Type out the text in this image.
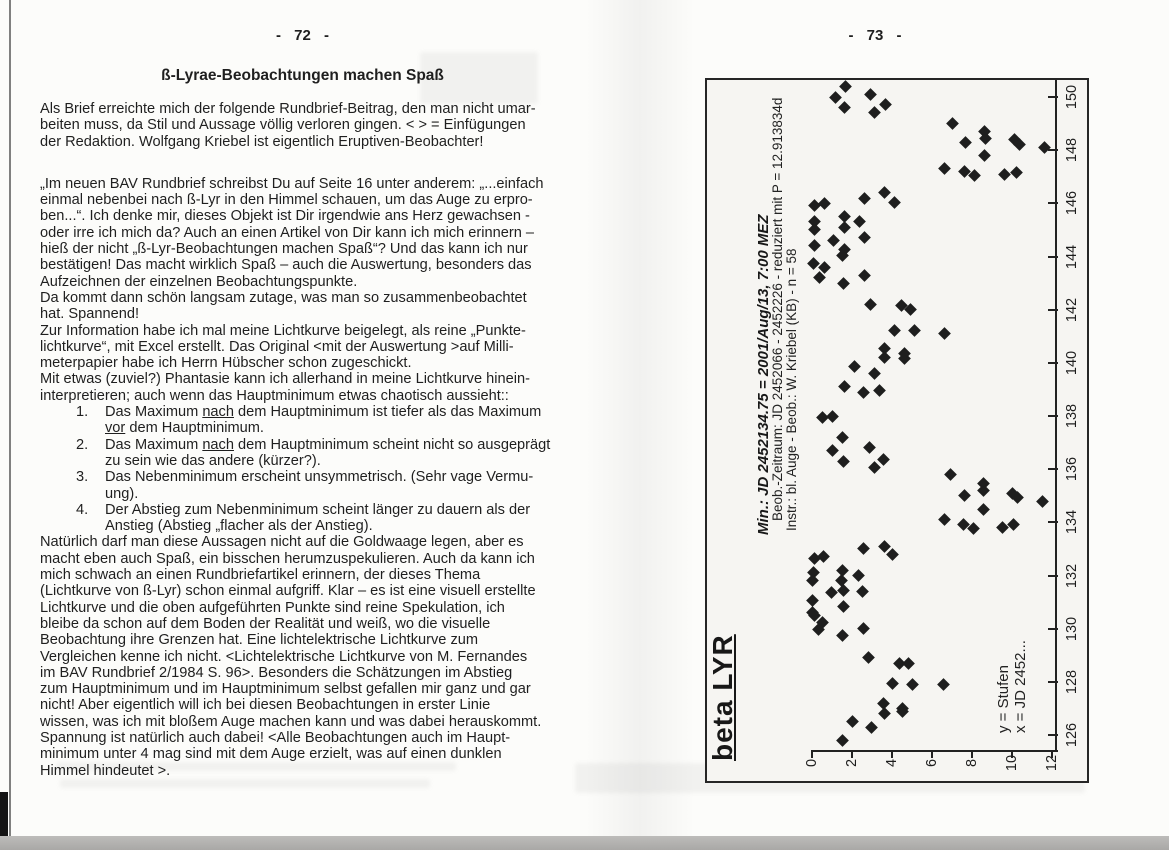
- 72 -
ß-Lyrae-Beobachtungen machen Spaß
Als Brief erreichte mich der folgende Rundbrief-Beitrag, den man nicht umar-
beiten muss, da Stil und Aussage völlig verloren gingen. < > = Einfügungen
der Redaktion. Wolfgang Kriebel ist eigentlich Eruptiven-Beobachter!
„Im neuen BAV Rundbrief schreibst Du auf Seite 16 unter anderem: „...einfach
einmal nebenbei nach ß-Lyr in den Himmel schauen, um das Auge zu erpro-
ben...“. Ich denke mir, dieses Objekt ist Dir irgendwie ans Herz gewachsen -
oder irre ich mich da? Auch an einen Artikel von Dir kann ich mich erinnern –
hieß der nicht „ß-Lyr-Beobachtungen machen Spaß“? Und das kann ich nur
bestätigen! Das macht wirklich Spaß – auch die Auswertung, besonders das
Aufzeichnen der einzelnen Beobachtungspunkte.
Da kommt dann schön langsam zutage, was man so zusammenbeobachtet
hat. Spannend!
Zur Information habe ich mal meine Lichtkurve beigelegt, als reine „Punkte-
lichtkurve“, mit Excel erstellt. Das Original <mit der Auswertung >auf Milli-
meterpapier habe ich Herrn Hübscher schon zugeschickt.
Mit etwas (zuviel?) Phantasie kann ich allerhand in meine Lichtkurve hinein-
interpretieren; auch wenn das Hauptminimum etwas chaotisch aussieht::
1. Das Maximum nach dem Hauptminimum ist tiefer als das Maximum
vor dem Hauptminimum.
2. Das Maximum nach dem Hauptminimum scheint nicht so ausgeprägt
zu sein wie das andere (kürzer?).
3. Das Nebenminimum erscheint unsymmetrisch. (Sehr vage Vermu-
ung).
4. Der Abstieg zum Nebenminimum scheint länger zu dauern als der
Anstieg (Abstieg „flacher als der Anstieg).
Natürlich darf man diese Aussagen nicht auf die Goldwaage legen, aber es
macht eben auch Spaß, ein bisschen herumzuspekulieren. Auch da kann ich
mich schwach an einen Rundbriefartikel erinnern, der dieses Thema
(Lichtkurve von ß-Lyr) schon einmal aufgriff. Klar – es ist eine visuell erstellte
Lichtkurve und die oben aufgeführten Punkte sind reine Spekulation, ich
bleibe da schon auf dem Boden der Realität und weiß, wo die visuelle
Beobachtung ihre Grenzen hat. Eine lichtelektrische Lichtkurve zum
Vergleichen kenne ich nicht. <Lichtelektrische Lichtkurve von M. Fernandes
im BAV Rundbrief 2/1984 S. 96>. Besonders die Schätzungen im Abstieg
zum Hauptminimum und im Hauptminimum selbst gefallen mir ganz und gar
nicht! Aber eigentlich will ich bei diesen Beobachtungen in erster Linie
wissen, was ich mit bloßem Auge machen kann und was dabei herauskommt.
Spannung ist natürlich auch dabei! <Alle Beobachtungen auch im Haupt-
minimum unter 4 mag sind mit dem Auge erzielt, was auf einen dunklen
Himmel hindeutet >.
- 73 -
beta LYR
Min.: JD 2452134.75 = 2001/Aug/13, 7:00 MEZ
Beob.-Zeitraum: JD 2452066 - 2452226 - reduziert mit P = 12.913834d Instr.: bl. Auge - Beob.: W. Kriebel (KB) - n = 58
y = Stufen x = JD 2452...
126
128
130
132
134
136
138
140
142
144
146
148
150
0 2 4 6 8 10 12
